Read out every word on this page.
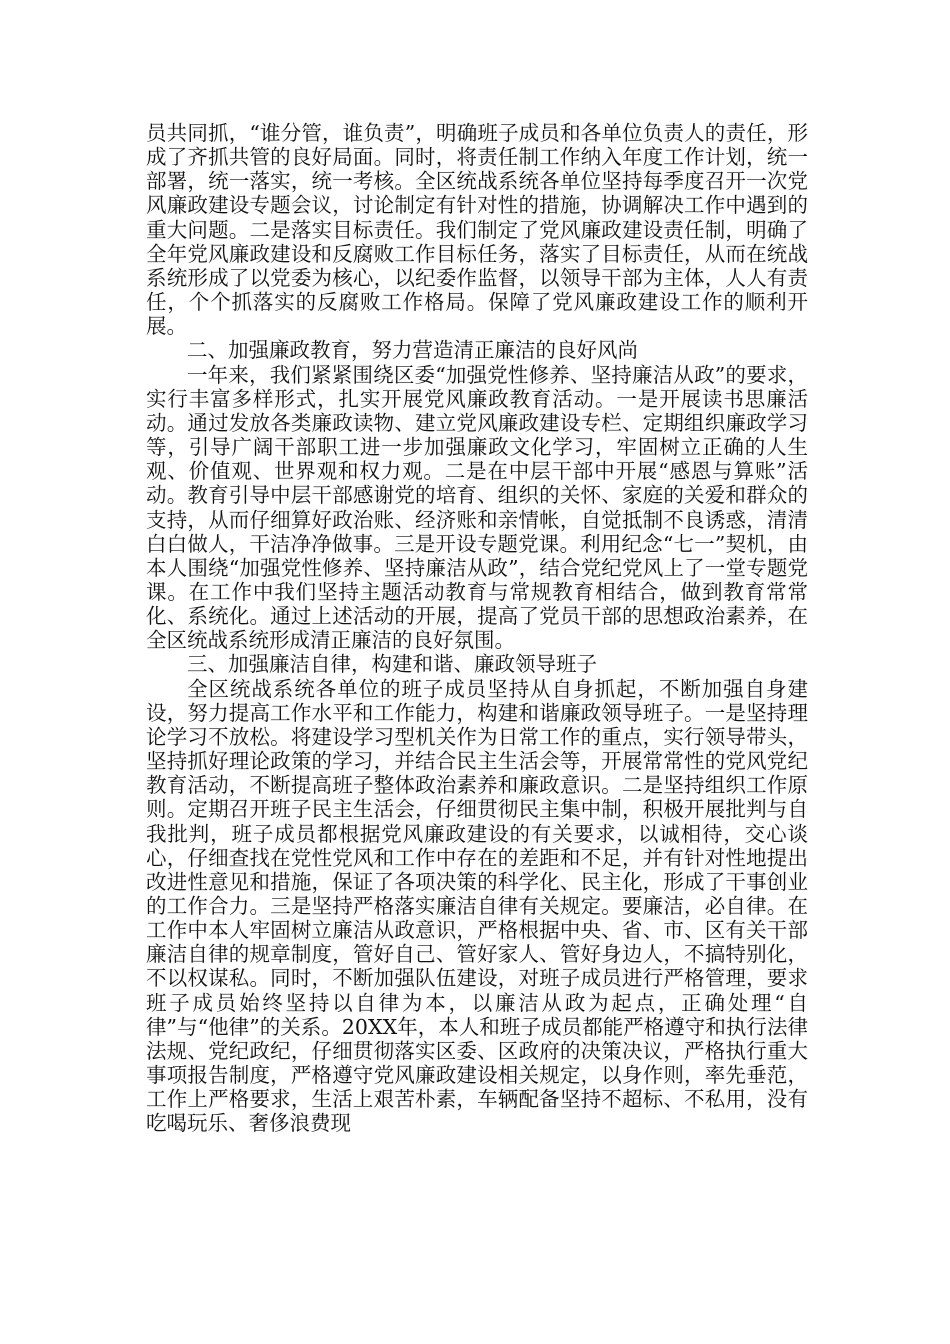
员共同抓，“谁分管，谁负责”，明确班子成员和各单位负责人的责任，形成了齐抓共管的良好局面。同时，将责任制工作纳入年度工作计划，统一部署，统一落实，统一考核。全区统战系统各单位坚持每季度召开一次党风廉政建设专题会议，讨论制定有针对性的措施，协调解决工作中遇到的重大问题。二是落实目标责任。我们制定了党风廉政建设责任制，明确了全年党风廉政建设和反腐败工作目标任务，落实了目标责任，从而在统战系统形成了以党委为核心，以纪委作监督，以领导干部为主体，人人有责任，个个抓落实的反腐败工作格局。保障了党风廉政建设工作的顺利开展。

二、加强廉政教育，努力营造清正廉洁的良好风尚

一年来，我们紧紧围绕区委“加强党性修养、坚持廉洁从政”的要求，实行丰富多样形式，扎实开展党风廉政教育活动。一是开展读书思廉活动。通过发放各类廉政读物、建立党风廉政建设专栏、定期组织廉政学习等，引导广阔干部职工进一步加强廉政文化学习，牢固树立正确的人生观、价值观、世界观和权力观。二是在中层干部中开展“感恩与算账”活动。教育引导中层干部感谢党的培育、组织的关怀、家庭的关爱和群众的支持，从而仔细算好政治账、经济账和亲情帐，自觉抵制不良诱惑，清清白白做人，干洁净净做事。三是开设专题党课。利用纪念“七一”契机，由本人围绕“加强党性修养、坚持廉洁从政”，结合党纪党风上了一堂专题党课。在工作中我们坚持主题活动教育与常规教育相结合，做到教育常常化、系统化。通过上述活动的开展，提高了党员干部的思想政治素养，在全区统战系统形成清正廉洁的良好氛围。

三、加强廉洁自律，构建和谐、廉政领导班子

全区统战系统各单位的班子成员坚持从自身抓起，不断加强自身建设，努力提高工作水平和工作能力，构建和谐廉政领导班子。一是坚持理论学习不放松。将建设学习型机关作为日常工作的重点，实行领导带头，坚持抓好理论政策的学习，并结合民主生活会等，开展常常性的党风党纪教育活动，不断提高班子整体政治素养和廉政意识。二是坚持组织工作原则。定期召开班子民主生活会，仔细贯彻民主集中制，积极开展批判与自我批判，班子成员都根据党风廉政建设的有关要求，以诚相待，交心谈心，仔细查找在党性党风和工作中存在的差距和不足，并有针对性地提出改进性意见和措施，保证了各项决策的科学化、民主化，形成了干事创业的工作合力。三是坚持严格落实廉洁自律有关规定。要廉洁，必自律。在工作中本人牢固树立廉洁从政意识，严格根据中央、省、市、区有关干部廉洁自律的规章制度，管好自己、管好家人、管好身边人，不搞特别化，不以权谋私。同时，不断加强队伍建设，对班子成员进行严格管理，要求班子成员始终坚持以自律为本，以廉洁从政为起点，正确处理“自律”与“他律”的关系。20XX年，本人和班子成员都能严格遵守和执行法律法规、党纪政纪，仔细贯彻落实区委、区政府的决策决议，严格执行重大事项报告制度，严格遵守党风廉政建设相关规定，以身作则，率先垂范，工作上严格要求，生活上艰苦朴素，车辆配备坚持不超标、不私用，没有吃喝玩乐、奢侈浪费现
